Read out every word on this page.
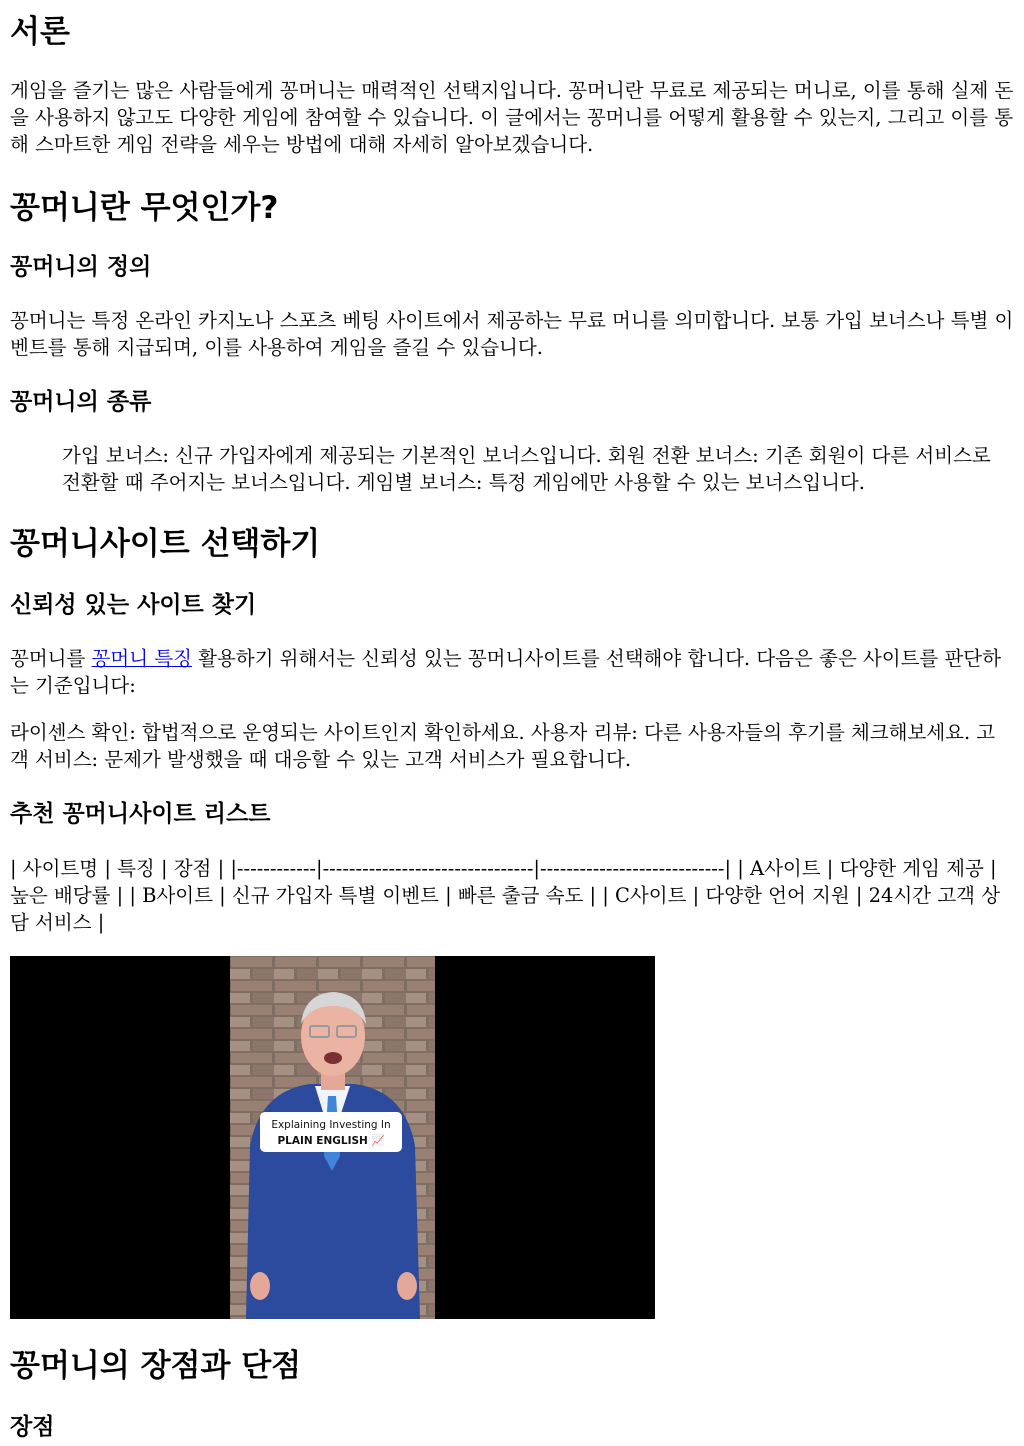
서론

게임을 즐기는 많은 사람들에게 꽁머니는 매력적인 선택지입니다. 꽁머니란 무료로 제공되는 머니로, 이를 통해 실제 돈을 사용하지 않고도 다양한 게임에 참여할 수 있습니다. 이 글에서는 꽁머니를 어떻게 활용할 수 있는지, 그리고 이를 통해 스마트한 게임 전략을 세우는 방법에 대해 자세히 알아보겠습니다.

꽁머니란 무엇인가?
꽁머니의 정의

꽁머니는 특정 온라인 카지노나 스포츠 베팅 사이트에서 제공하는 무료 머니를 의미합니다. 보통 가입 보너스나 특별 이벤트를 통해 지급되며, 이를 사용하여 게임을 즐길 수 있습니다.

꽁머니의 종류

가입 보너스: 신규 가입자에게 제공되는 기본적인 보너스입니다. 회원 전환 보너스: 기존 회원이 다른 서비스로 전환할 때 주어지는 보너스입니다. 게임별 보너스: 특정 게임에만 사용할 수 있는 보너스입니다.

꽁머니사이트 선택하기
신뢰성 있는 사이트 찾기

꽁머니를 꽁머니 특징 활용하기 위해서는 신뢰성 있는 꽁머니사이트를 선택해야 합니다. 다음은 좋은 사이트를 판단하는 기준입니다:

라이센스 확인: 합법적으로 운영되는 사이트인지 확인하세요. 사용자 리뷰: 다른 사용자들의 후기를 체크해보세요. 고객 서비스: 문제가 발생했을 때 대응할 수 있는 고객 서비스가 필요합니다.

추천 꽁머니사이트 리스트

| 사이트명 | 특징 | 장점 | |------------|--------------------------------|----------------------------| | A사이트 | 다양한 게임 제공 | 높은 배당률 | | B사이트 | 신규 가입자 특별 이벤트 | 빠른 출금 속도 | | C사이트 | 다양한 언어 지원 | 24시간 고객 상담 서비스 |

Explaining Investing In
PLAIN ENGLISH 📈
꽁머니의 장점과 단점
장점
